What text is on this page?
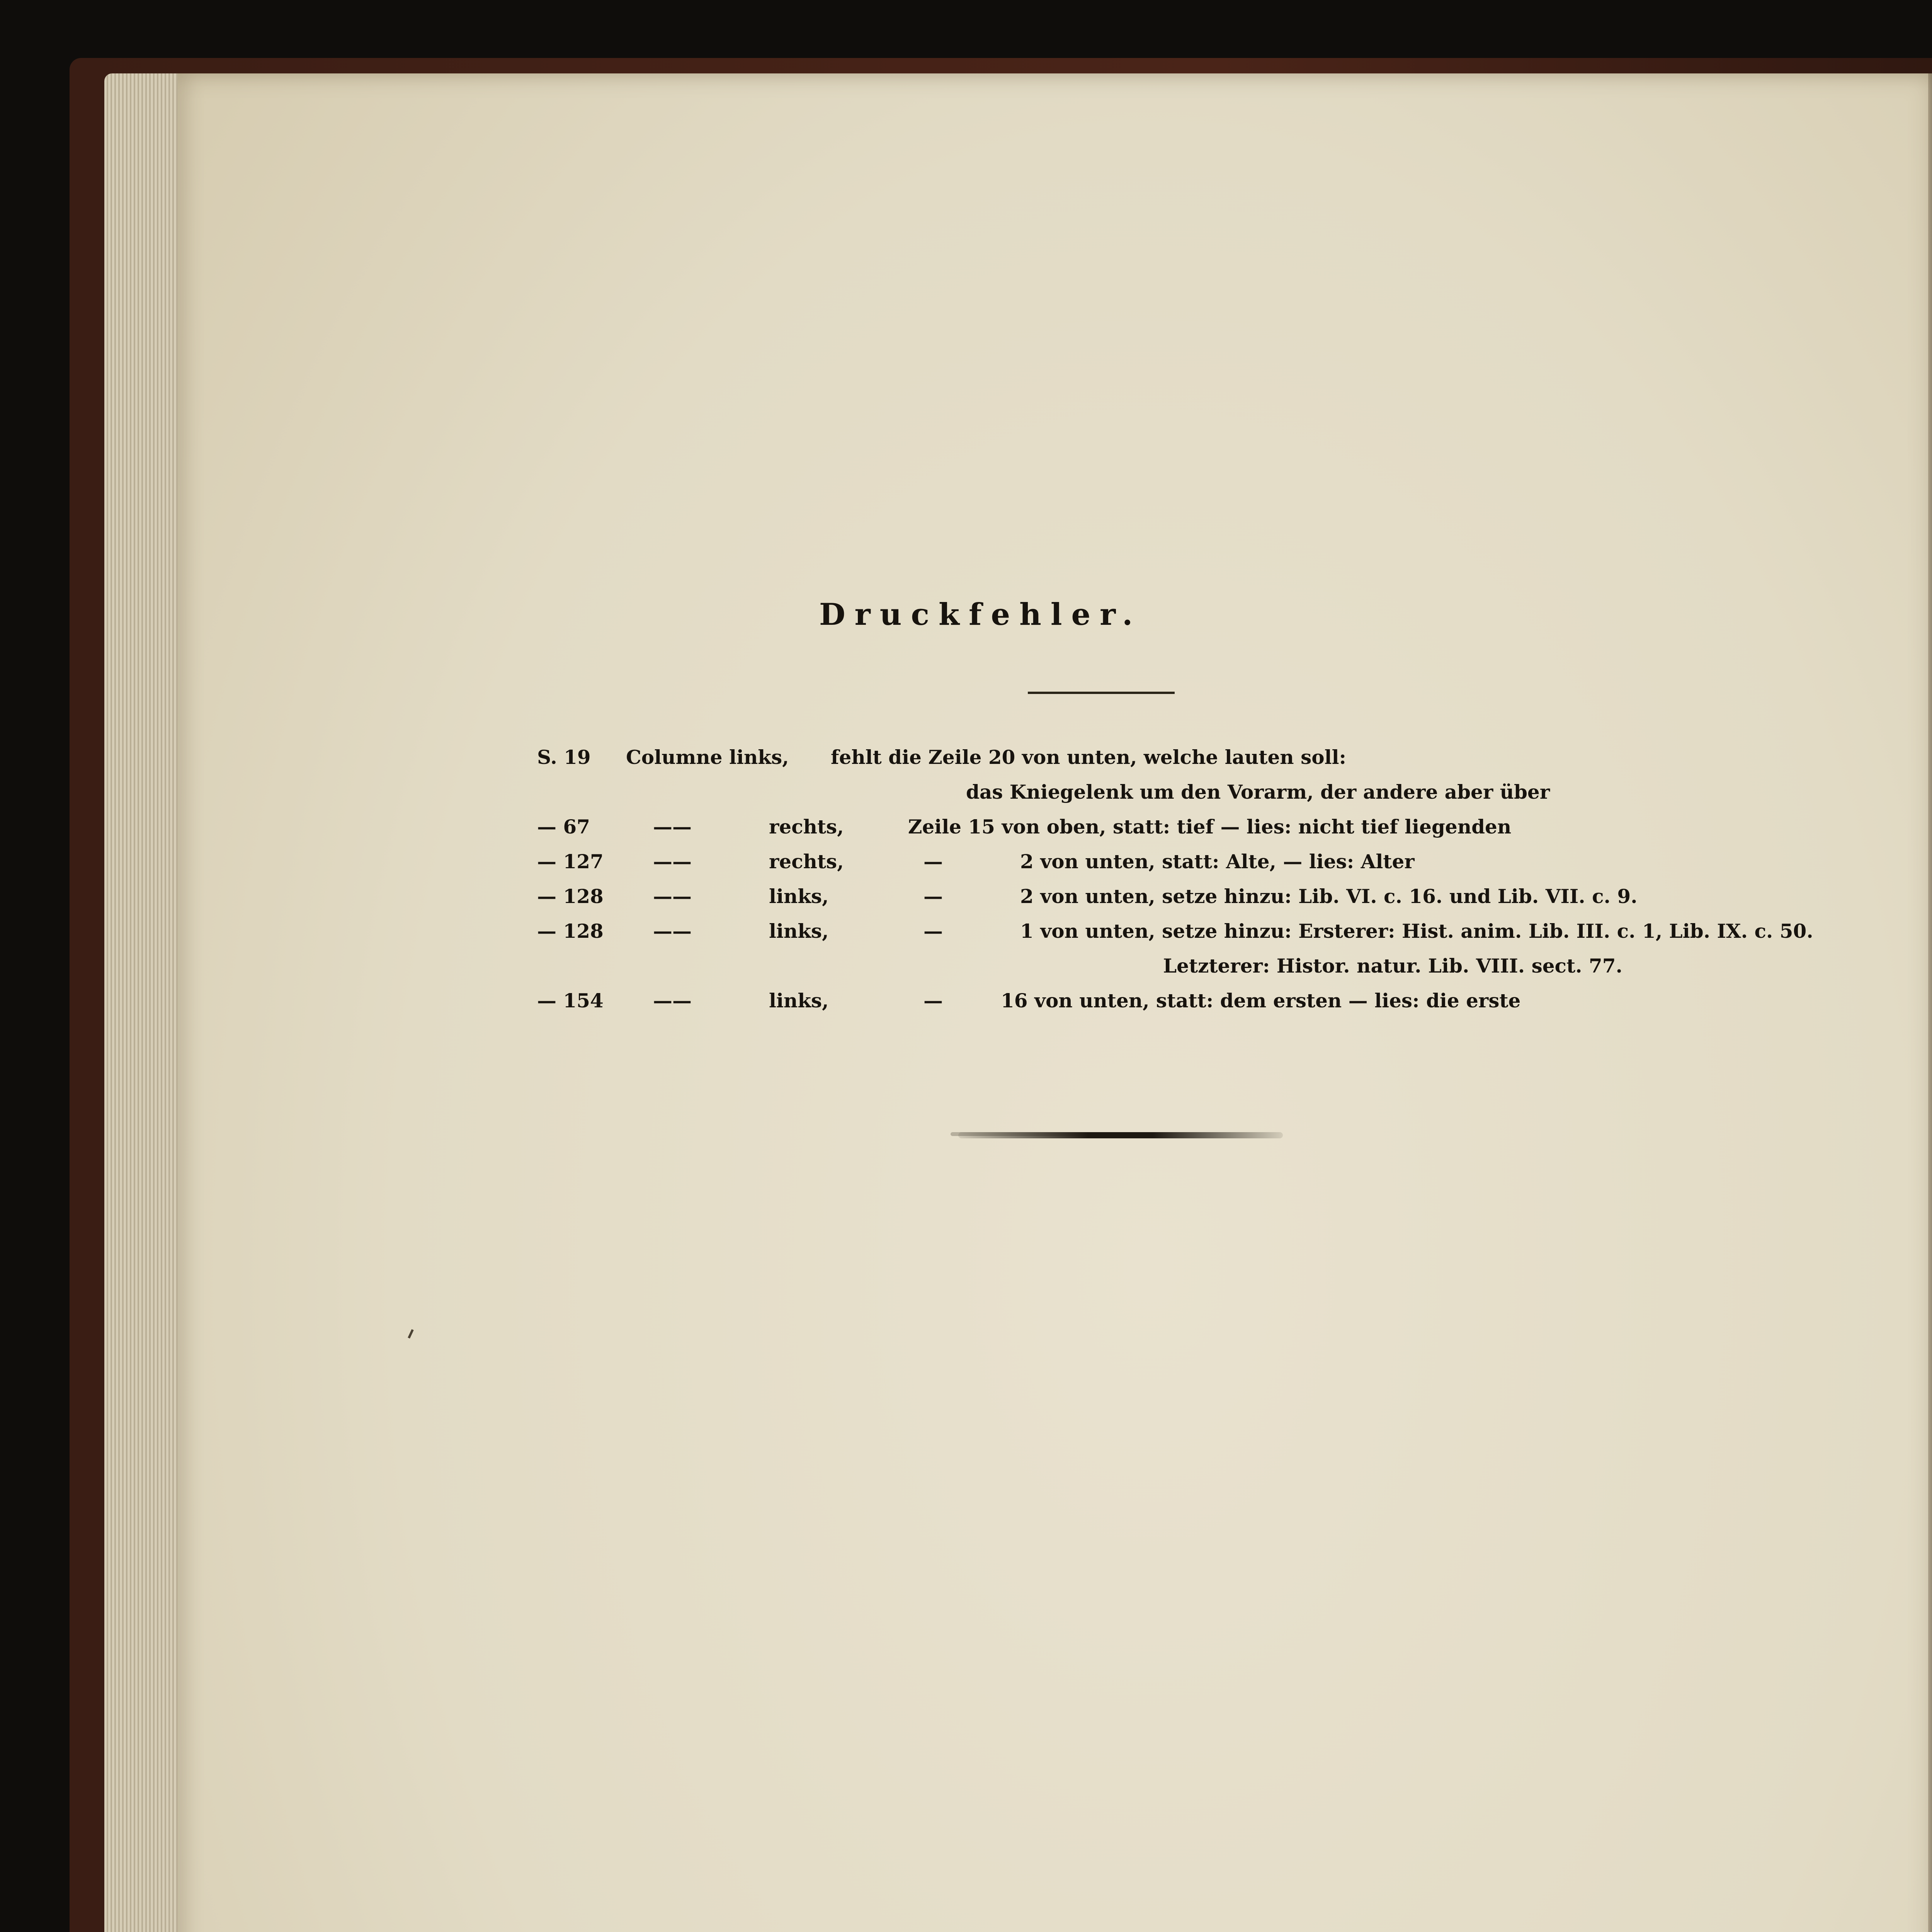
Druckfehler.
S. 19 Columne links, fehlt die Zeile 20 von unten, welche lauten soll:
das Kniegelenk um den Vorarm, der andere aber über
— 67	——	rechts,	Zeile 15 von oben, statt: tief — lies: nicht tief liegenden
— 127	——	rechts,	—	2 von unten, statt: Alte, — lies: Alter
— 128	——	links,	—	2 von unten, setze hinzu: Lib. VI. c. 16. und Lib. VII. c. 9.
— 128	——	links,	—	1 von unten, setze hinzu: Ersterer: Hist. anim. Lib. III. c. 1, Lib. IX. c. 50.
Letzterer: Histor. natur. Lib. VIII. sect. 77.
— 154	——	links,	—	16 von unten, statt: dem ersten — lies: die erste
